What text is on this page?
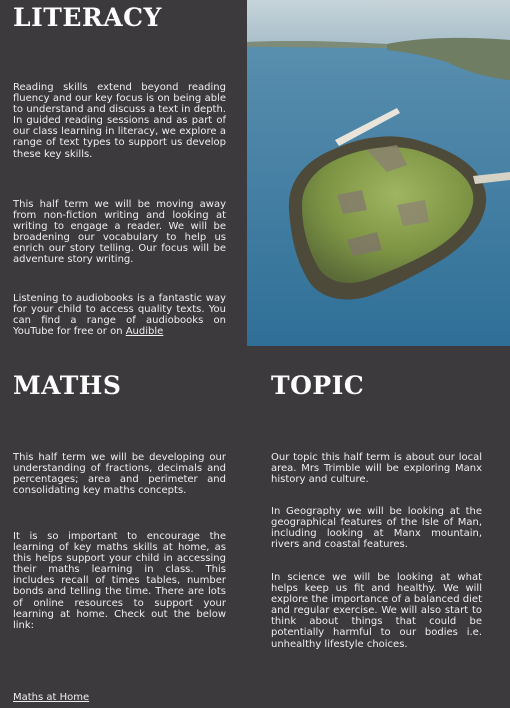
LITERACY

Reading skills extend beyond reading fluency and our key focus is on being able to understand and discuss a text in depth. In guided reading sessions and as part of our class learning in literacy, we explore a range of text types to support us develop these key skills.

This half term we will be moving away from non-fiction writing and looking at writing to engage a reader. We will be broadening our vocabulary to help us enrich our story telling. Our focus will be adventure story writing.

Listening to audiobooks is a fantastic way for your child to access quality texts. You can find a range of audiobooks on YouTube for free or on Audible

MATHS

This half term we will be developing our understanding of fractions, decimals and percentages; area and perimeter and consolidating key maths concepts.

It is so important to encourage the learning of key maths skills at home, as this helps support your child in accessing their maths learning in class. This includes recall of times tables, number bonds and telling the time. There are lots of online resources to support your learning at home. Check out the below link:

Maths at Home

TOPIC

Our topic this half term is about our local area. Mrs Trimble will be exploring Manx history and culture.

In Geography we will be looking at the geographical features of the Isle of Man, including looking at Manx mountain, rivers and coastal features.

In science we will be looking at what helps keep us fit and healthy. We will explore the importance of a balanced diet and regular exercise. We will also start to think about things that could be potentially harmful to our bodies i.e. unhealthy lifestyle choices.
